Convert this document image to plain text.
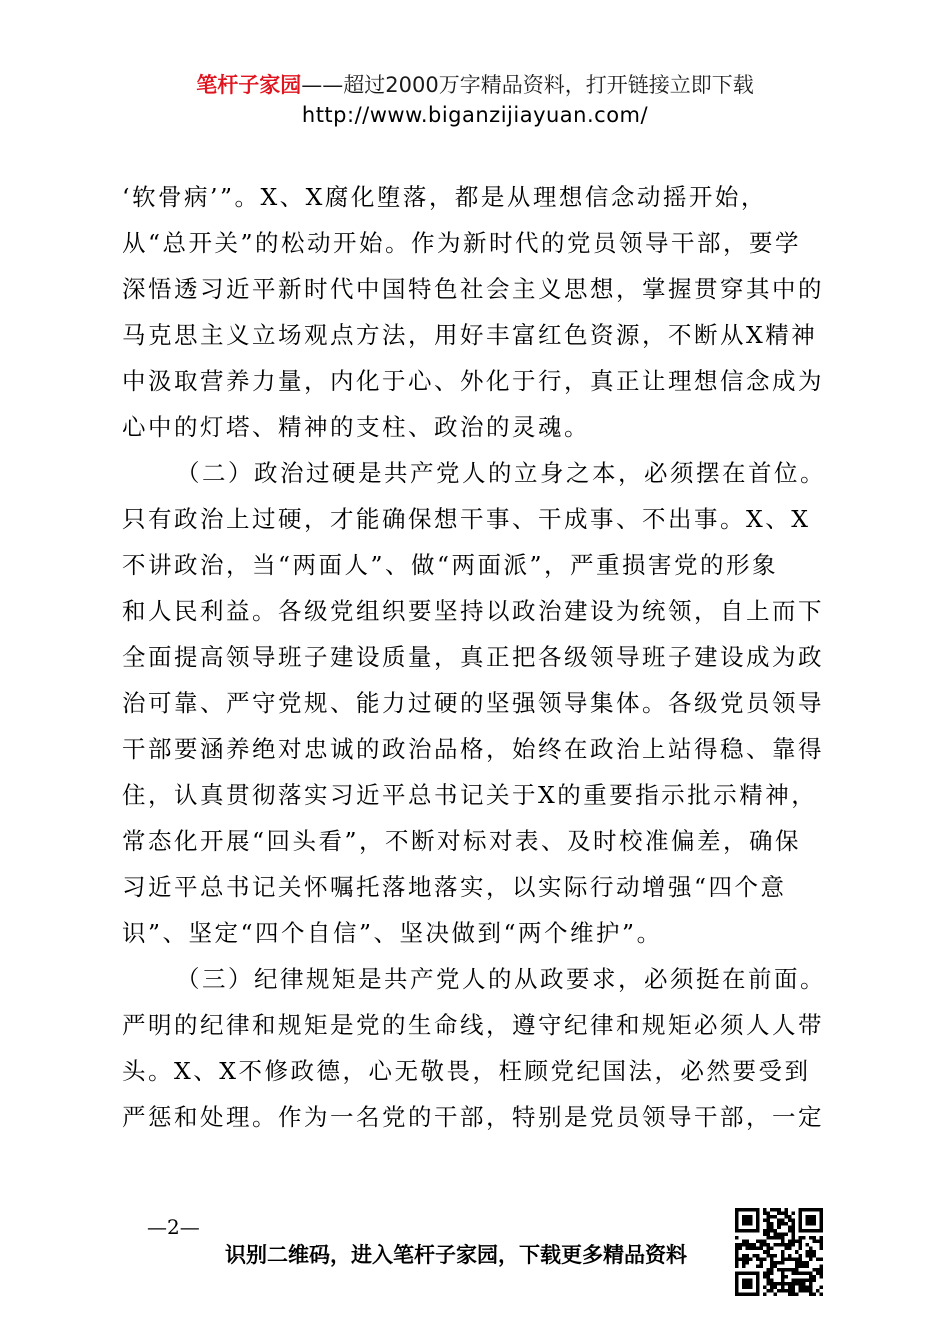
笔杆子家园——超过2000万字精品资料，打开链接立即下载
http://www.biganzijiayuan.com/
‘软骨病’”。X、X腐化堕落，都是从理想信念动摇开始，
从“总开关”的松动开始。作为新时代的党员领导干部，要学
深悟透习近平新时代中国特色社会主义思想，掌握贯穿其中的
马克思主义立场观点方法，用好丰富红色资源，不断从X精神
中汲取营养力量，内化于心、外化于行，真正让理想信念成为
心中的灯塔、精神的支柱、政治的灵魂。
（二）政治过硬是共产党人的立身之本，必须摆在首位。
只有政治上过硬，才能确保想干事、干成事、不出事。X、X
不讲政治，当“两面人”、做“两面派”，严重损害党的形象
和人民利益。各级党组织要坚持以政治建设为统领，自上而下
全面提高领导班子建设质量，真正把各级领导班子建设成为政
治可靠、严守党规、能力过硬的坚强领导集体。各级党员领导
干部要涵养绝对忠诚的政治品格，始终在政治上站得稳、靠得
住，认真贯彻落实习近平总书记关于X的重要指示批示精神，
常态化开展“回头看”，不断对标对表、及时校准偏差，确保
习近平总书记关怀嘱托落地落实，以实际行动增强“四个意
识”、坚定“四个自信”、坚决做到“两个维护”。
（三）纪律规矩是共产党人的从政要求，必须挺在前面。
严明的纪律和规矩是党的生命线，遵守纪律和规矩必须人人带
头。X、X不修政德，心无敬畏，枉顾党纪国法，必然要受到
严惩和处理。作为一名党的干部，特别是党员领导干部，一定
—2—
识别二维码，进入笔杆子家园，下载更多精品资料
